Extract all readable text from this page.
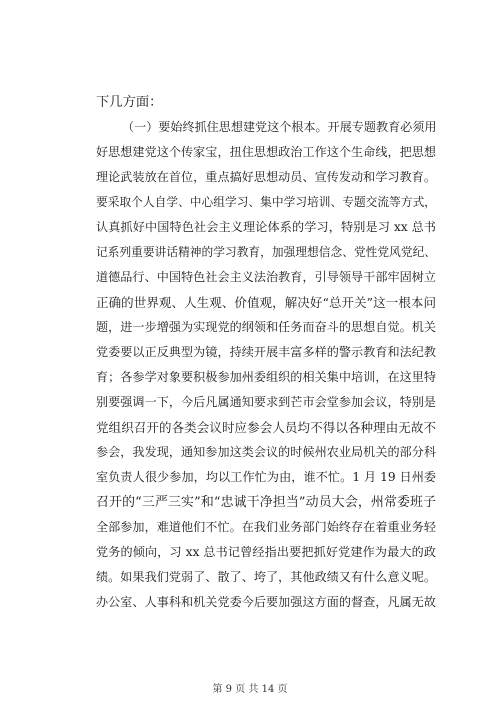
下几方面：
（一）要始终抓住思想建党这个根本。开展专题教育必须用
好思想建党这个传家宝，扭住思想政治工作这个生命线，把思想
理论武装放在首位，重点搞好思想动员、宣传发动和学习教育。
要采取个人自学、中心组学习、集中学习培训、专题交流等方式，
认真抓好中国特色社会主义理论体系的学习，特别是习 xx 总书
记系列重要讲话精神的学习教育，加强理想信念、党性党风党纪、
道德品行、中国特色社会主义法治教育，引导领导干部牢固树立
正确的世界观、人生观、价值观，解决好“总开关”这一根本问
题，进一步增强为实现党的纲领和任务而奋斗的思想自觉。机关
党委要以正反典型为镜，持续开展丰富多样的警示教育和法纪教
育；各参学对象要积极参加州委组织的相关集中培训，在这里特
别要强调一下，今后凡属通知要求到芒市会堂参加会议，特别是
党组织召开的各类会议时应参会人员均不得以各种理由无故不
参会，我发现，通知参加这类会议的时候州农业局机关的部分科
室负责人很少参加，均以工作忙为由，谁不忙。1 月 19 日州委
召开的“三严三实”和“忠诚干净担当”动员大会，州常委班子
全部参加，难道他们不忙。在我们业务部门始终存在着重业务轻
党务的倾向，习 xx 总书记曾经指出要把抓好党建作为最大的政
绩。如果我们党弱了、散了、垮了，其他政绩又有什么意义呢。
办公室、人事科和机关党委今后要加强这方面的督查，凡属无故
第 9 页 共 14 页
